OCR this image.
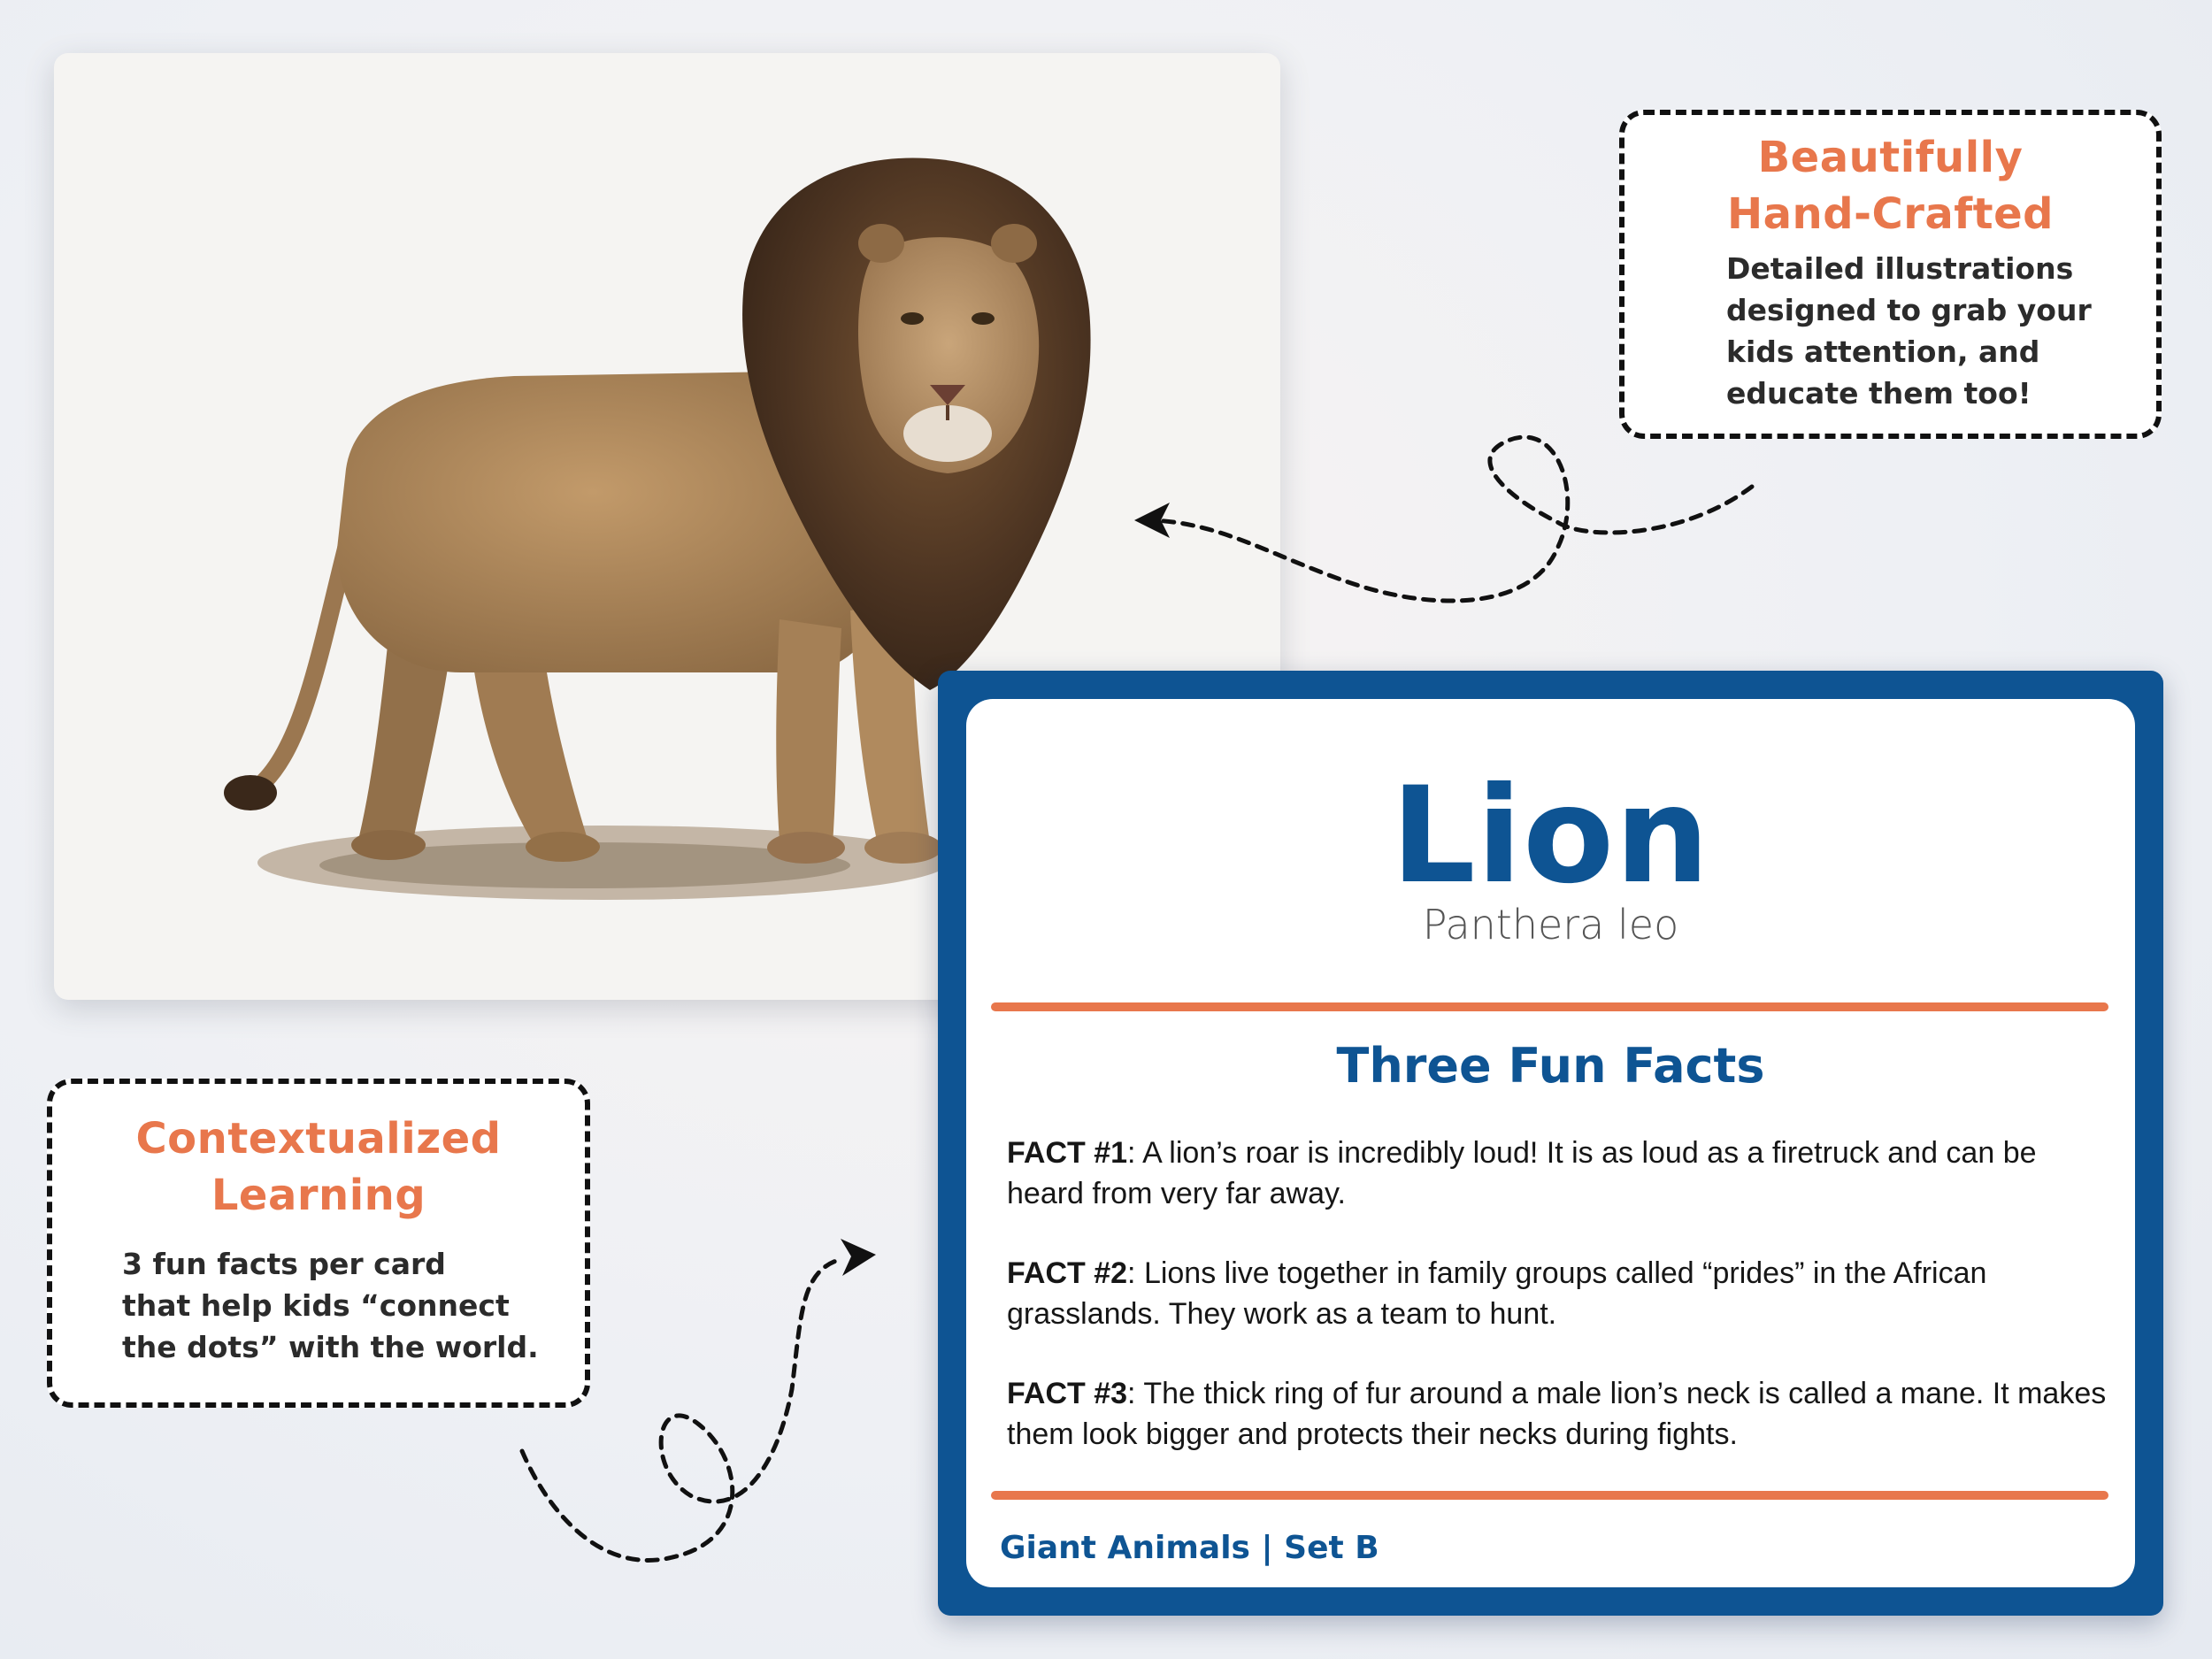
Beautifully
Hand-Crafted
Detailed illustrations
designed to grab your
kids attention, and
educate them too!
Contextualized
Learning
3 fun facts per card
that help kids “connect
the dots” with the world.
Lion
Panthera leo
Three Fun Facts
FACT #1: A lion’s roar is incredibly loud! It is as loud as a firetruck and can be heard from very far away.
FACT #2: Lions live together in family groups called “prides” in the African grasslands. They work as a team to hunt.
FACT #3: The thick ring of fur around a male lion’s neck is called a mane. It makes them look bigger and protects their necks during fights.
Giant Animals | Set B
